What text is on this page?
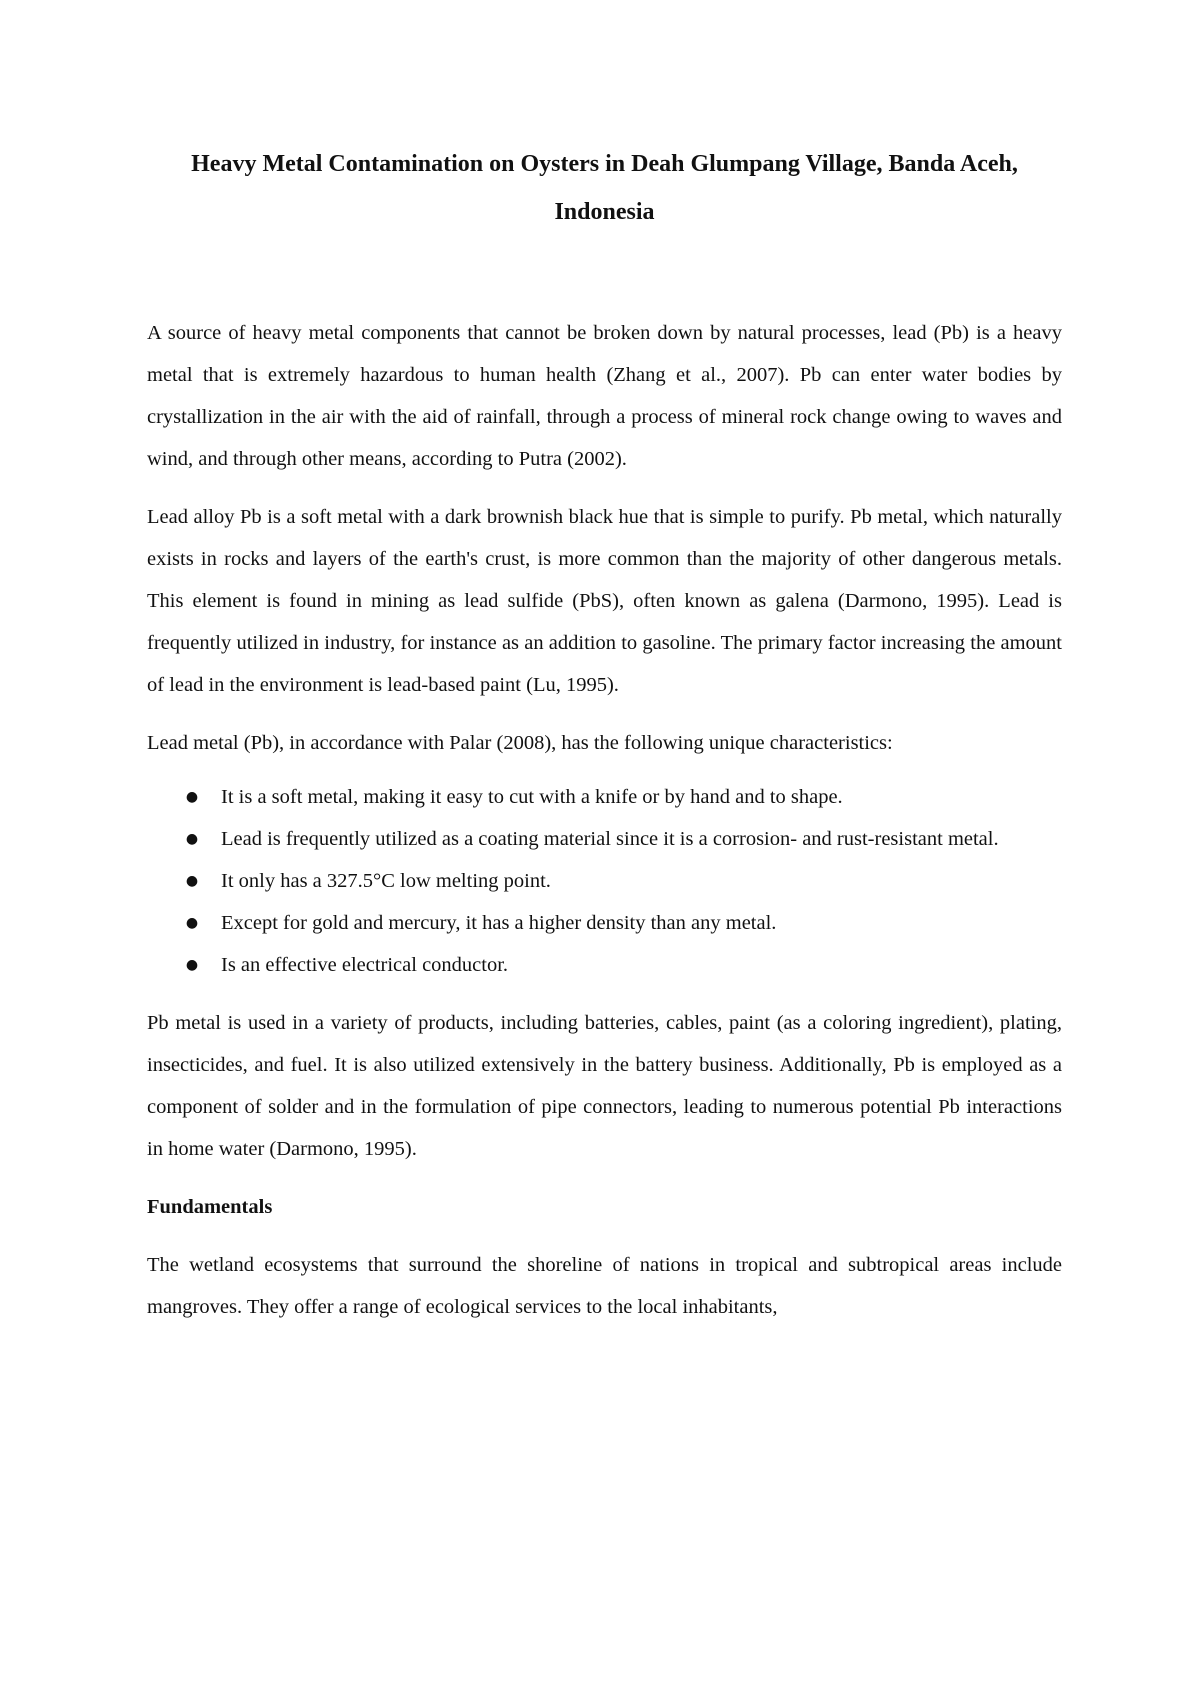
Heavy Metal Contamination on Oysters in Deah Glumpang Village, Banda Aceh, Indonesia

A source of heavy metal components that cannot be broken down by natural processes, lead (Pb) is a heavy metal that is extremely hazardous to human health (Zhang et al., 2007). Pb can enter water bodies by crystallization in the air with the aid of rainfall, through a process of mineral rock change owing to waves and wind, and through other means, according to Putra (2002).

Lead alloy Pb is a soft metal with a dark brownish black hue that is simple to purify. Pb metal, which naturally exists in rocks and layers of the earth's crust, is more common than the majority of other dangerous metals. This element is found in mining as lead sulfide (PbS), often known as galena (Darmono, 1995). Lead is frequently utilized in industry, for instance as an addition to gasoline. The primary factor increasing the amount of lead in the environment is lead-based paint (Lu, 1995).

Lead metal (Pb), in accordance with Palar (2008), has the following unique characteristics:

● It is a soft metal, making it easy to cut with a knife or by hand and to shape.
● Lead is frequently utilized as a coating material since it is a corrosion- and rust-resistant metal.
● It only has a 327.5°C low melting point.
● Except for gold and mercury, it has a higher density than any metal.
● Is an effective electrical conductor.

Pb metal is used in a variety of products, including batteries, cables, paint (as a coloring ingredient), plating, insecticides, and fuel. It is also utilized extensively in the battery business. Additionally, Pb is employed as a component of solder and in the formulation of pipe connectors, leading to numerous potential Pb interactions in home water (Darmono, 1995).

Fundamentals

The wetland ecosystems that surround the shoreline of nations in tropical and subtropical areas include mangroves. They offer a range of ecological services to the local inhabitants,
